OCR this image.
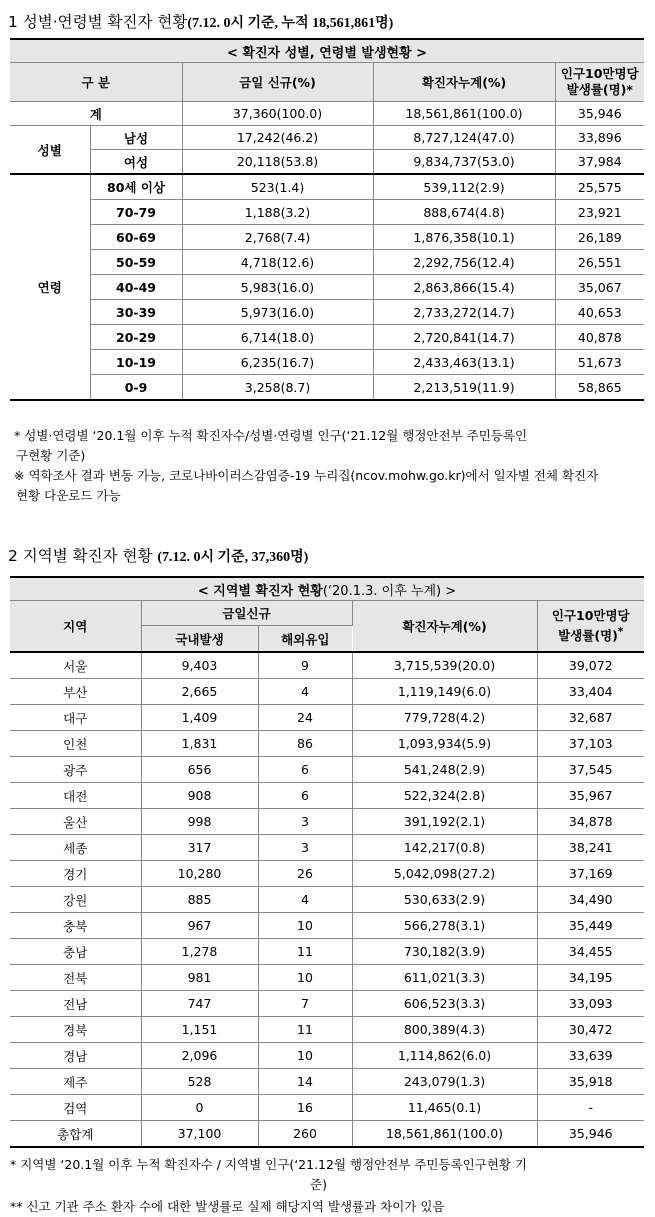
1 성별·연령별 확진자 현황(7.12. 0시 기준, 누적 18,561,861명)
< 확진자 성별, 연령별 발생현황 >				
구 분		금일 신규(%)	확진자누계(%)	인구10만명당
발생률(명)*

계		37,360(100.0)	18,561,861(100.0)	35,946
성별	남성	17,242(46.2)	8,727,124(47.0)	33,896
	여성	20,118(53.8)	9,834,737(53.0)	37,984
연령	80세 이상	523(1.4)	539,112(2.9)	25,575
	70-79	1,188(3.2)	888,674(4.8)	23,921
	60-69	2,768(7.4)	1,876,358(10.1)	26,189
	50-59	4,718(12.6)	2,292,756(12.4)	26,551
	40-49	5,983(16.0)	2,863,866(15.4)	35,067
	30-39	5,973(16.0)	2,733,272(14.7)	40,653
	20-29	6,714(18.0)	2,720,841(14.7)	40,878
	10-19	6,235(16.7)	2,433,463(13.1)	51,673
	0-9	3,258(8.7)	2,213,519(11.9)	58,865
* 성별·연령별 ‘20.1월 이후 누적 확진자수/성별·연령별 인구(‘21.12월 행정안전부 주민등록인
구현황 기준)
※ 역학조사 결과 변동 가능, 코로나바이러스감염증-19 누리집(ncov.mohw.go.kr)에서 일자별 전체 확진자
현황 다운로드 가능
2 지역별 확진자 현황 (7.12. 0시 기준, 37,360명)
< 지역별 확진자 현황(‘20.1.3. 이후 누계) >				
지역	금일신규		확진자누계(%)	인구10만명당
발생률(명)*

	국내발생	해외유입		
서울	9,403	9	3,715,539(20.0)	39,072
부산	2,665	4	1,119,149(6.0)	33,404
대구	1,409	24	779,728(4.2)	32,687
인천	1,831	86	1,093,934(5.9)	37,103
광주	656	6	541,248(2.9)	37,545
대전	908	6	522,324(2.8)	35,967
울산	998	3	391,192(2.1)	34,878
세종	317	3	142,217(0.8)	38,241
경기	10,280	26	5,042,098(27.2)	37,169
강원	885	4	530,633(2.9)	34,490
충북	967	10	566,278(3.1)	35,449
충남	1,278	11	730,182(3.9)	34,455
전북	981	10	611,021(3.3)	34,195
전남	747	7	606,523(3.3)	33,093
경북	1,151	11	800,389(4.3)	30,472
경남	2,096	10	1,114,862(6.0)	33,639
제주	528	14	243,079(1.3)	35,918
검역	0	16	11,465(0.1)	-
총합계	37,100	260	18,561,861(100.0)	35,946
* 지역별 ‘20.1월 이후 누적 확진자수 / 지역별 인구(‘21.12월 행정안전부 주민등록인구현황 기
준)
** 신고 기관 주소 환자 수에 대한 발생률로 실제 해당지역 발생률과 차이가 있음
